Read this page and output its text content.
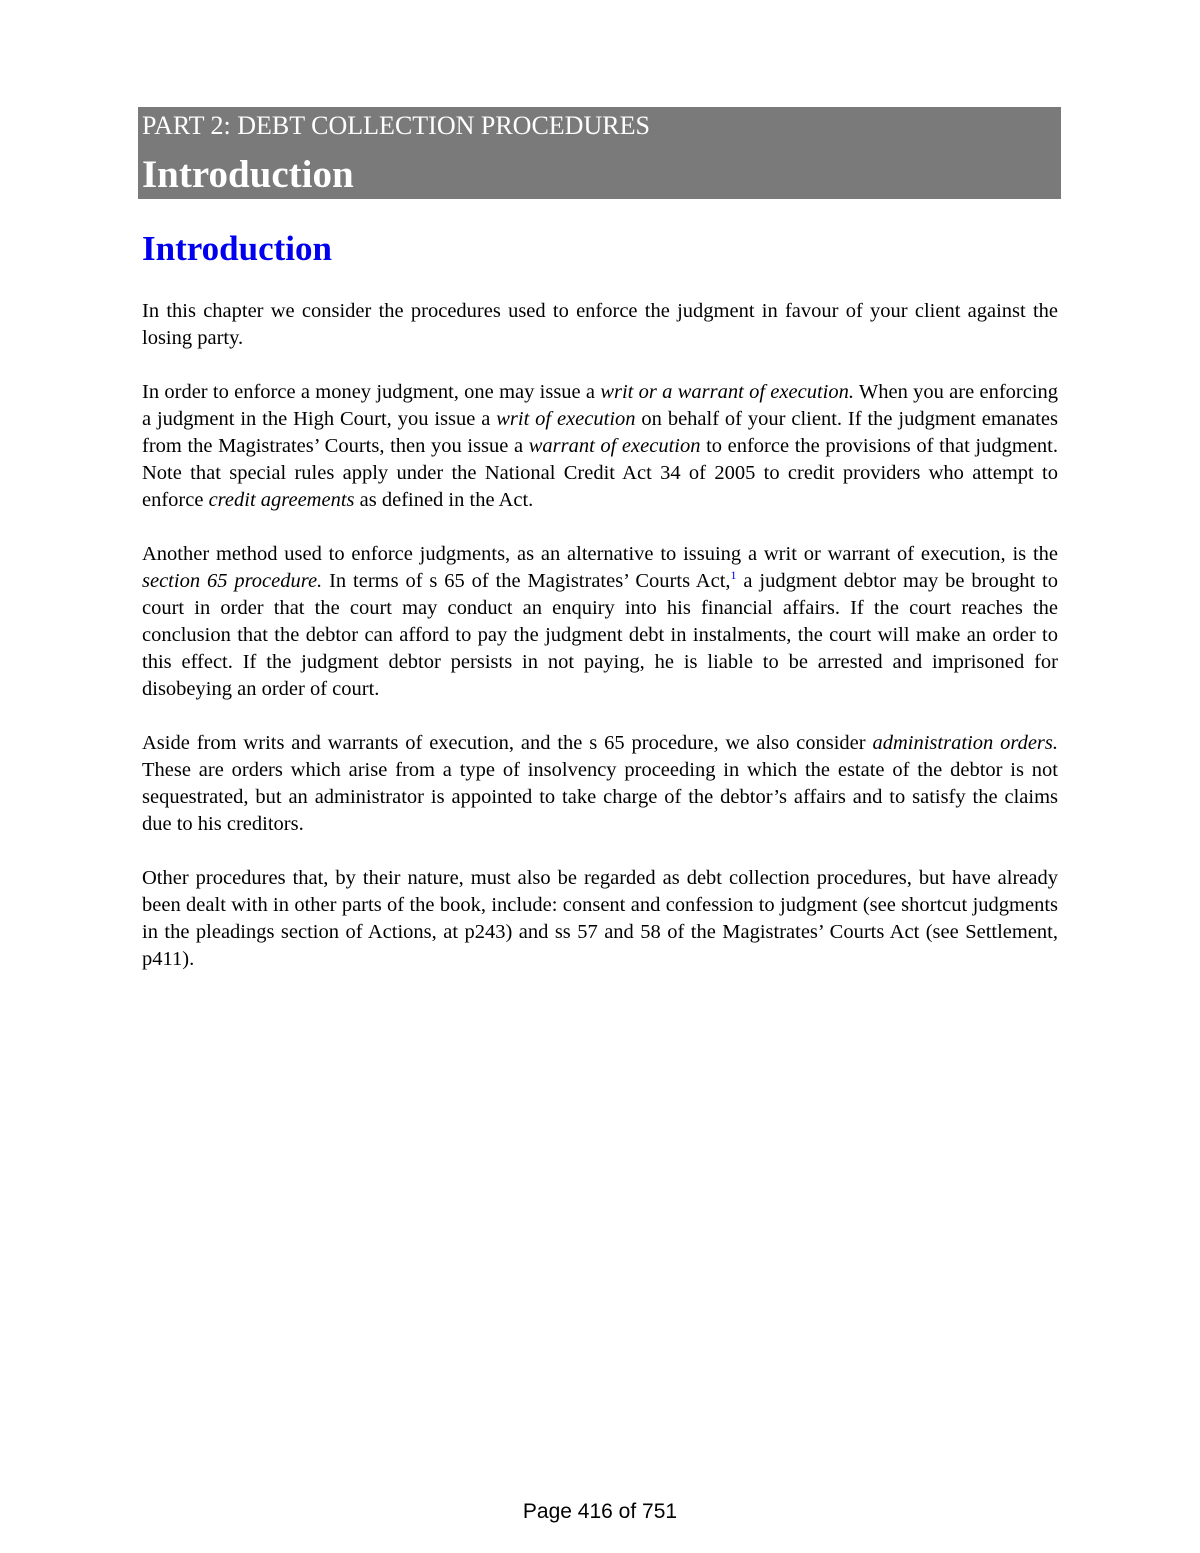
PART 2: DEBT COLLECTION PROCEDURES
Introduction
Introduction

In this chapter we consider the procedures used to enforce the judgment in favour of your client against the losing party.

In order to enforce a money judgment, one may issue a writ or a warrant of execution. When you are enforcing a judgment in the High Court, you issue a writ of execution on behalf of your client. If the judgment emanates from the Magistrates’ Courts, then you issue a warrant of execution to enforce the provisions of that judgment. Note that special rules apply under the National Credit Act 34 of 2005 to credit providers who attempt to enforce credit agreements as defined in the Act.

Another method used to enforce judgments, as an alternative to issuing a writ or warrant of execution, is the section 65 procedure. In terms of s 65 of the Magistrates’ Courts Act,$^1$ a judgment debtor may be brought to court in order that the court may conduct an enquiry into his financial affairs. If the court reaches the conclusion that the debtor can afford to pay the judgment debt in instalments, the court will make an order to this effect. If the judgment debtor persists in not paying, he is liable to be arrested and imprisoned for disobeying an order of court.

Aside from writs and warrants of execution, and the s 65 procedure, we also consider administration orders. These are orders which arise from a type of insolvency proceeding in which the estate of the debtor is not sequestrated, but an administrator is appointed to take charge of the debtor’s affairs and to satisfy the claims due to his creditors.

Other procedures that, by their nature, must also be regarded as debt collection procedures, but have already been dealt with in other parts of the book, include: consent and confession to judgment (see shortcut judgments in the pleadings section of Actions, at p243) and ss 57 and 58 of the Magistrates’ Courts Act (see Settlement, p411).

Page 416 of 751
